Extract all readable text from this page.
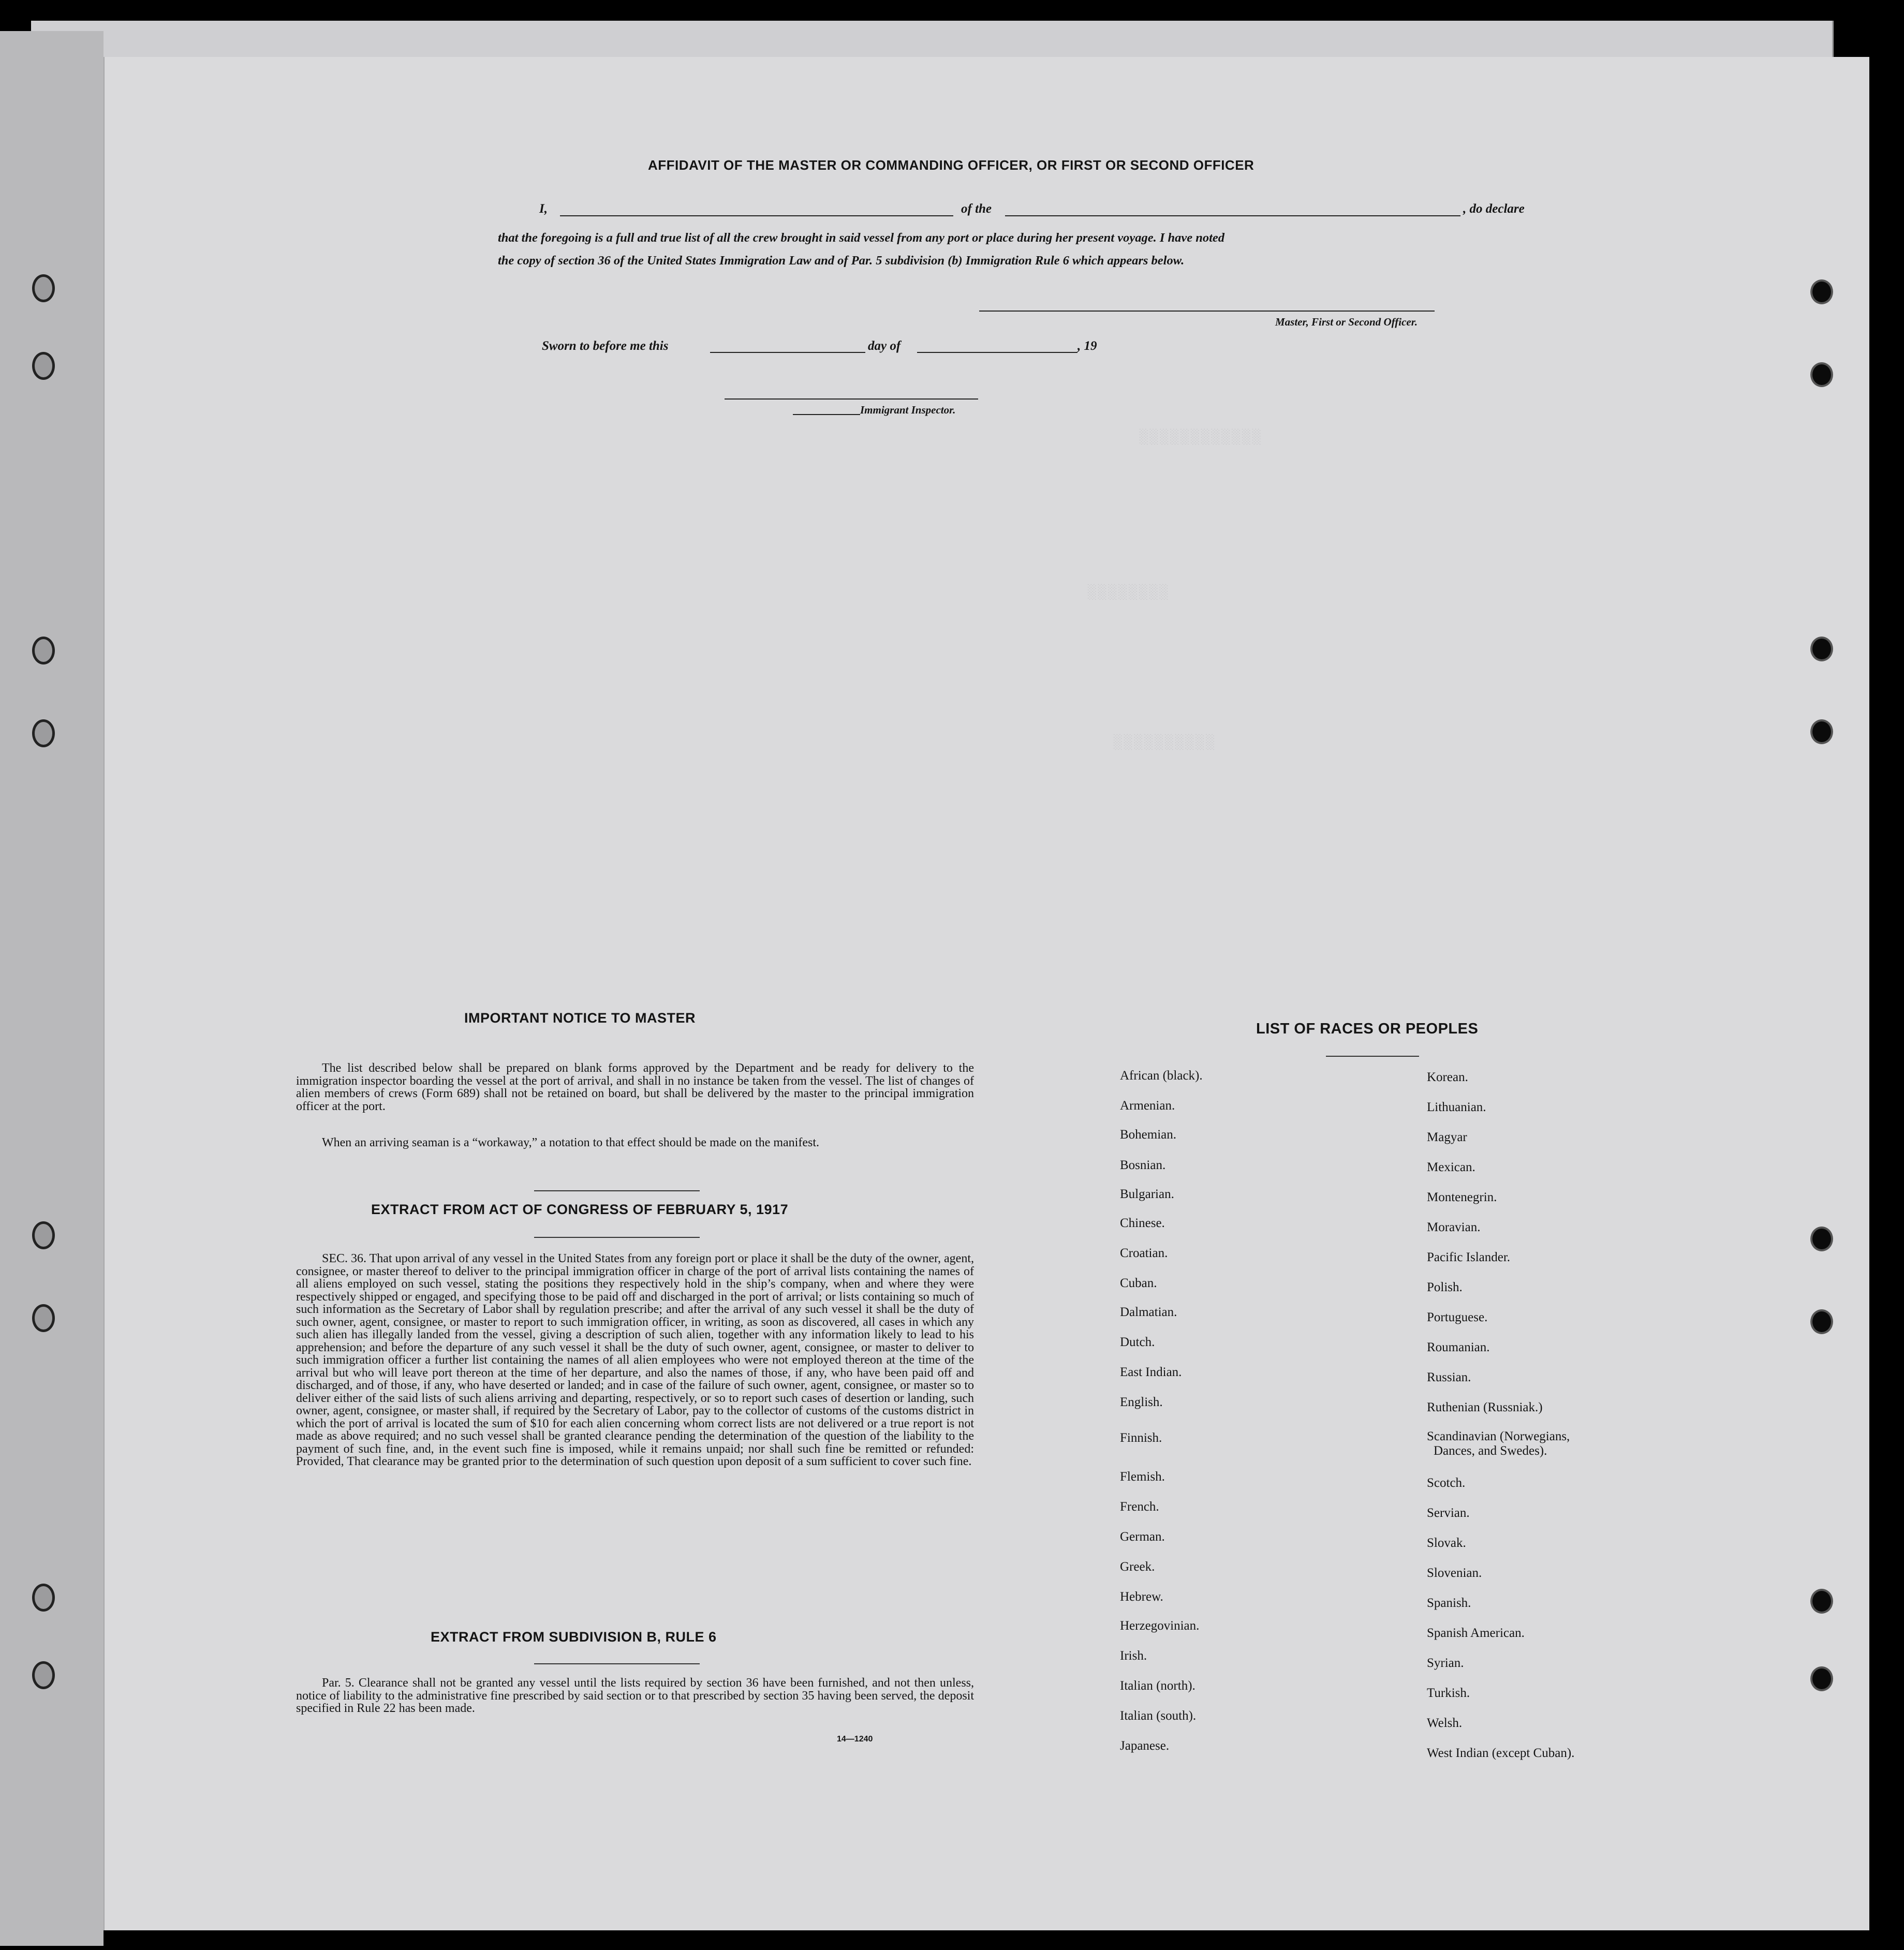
░░░░░░░░░░░░
░░░░░░░░
░░░░░░░░░░
AFFIDAVIT OF THE MASTER OR COMMANDING OFFICER, OR FIRST OR SECOND OFFICER
I,	of the	, do declare
that the foregoing is a full and true list of all the crew brought in said vessel from any port or place during her present voyage. I have noted
the copy of section 36 of the United States Immigration Law and of Par. 5 subdivision (b) Immigration Rule 6 which appears below.
Master, First or Second Officer.
Sworn to before me this	day of	, 19
Immigrant Inspector.
IMPORTANT NOTICE TO MASTER
The list described below shall be prepared on blank forms approved by the Department and be ready for delivery to the immigration inspector boarding the vessel at the port of arrival, and shall in no instance be taken from the vessel. The list of changes of alien members of crews (Form 689) shall not be retained on board, but shall be delivered by the master to the principal immigration officer at the port.
When an arriving seaman is a “workaway,” a notation to that effect should be made on the manifest.
EXTRACT FROM ACT OF CONGRESS OF FEBRUARY 5, 1917
SEC. 36. That upon arrival of any vessel in the United States from any foreign port or place it shall be the duty of the owner, agent, consignee, or master thereof to deliver to the principal immigration officer in charge of the port of arrival lists containing the names of all aliens employed on such vessel, stating the positions they respectively hold in the ship’s company, when and where they were respectively shipped or engaged, and specifying those to be paid off and discharged in the port of arrival; or lists containing so much of such information as the Secretary of Labor shall by regulation prescribe; and after the arrival of any such vessel it shall be the duty of such owner, agent, consignee, or master to report to such immigration officer, in writing, as soon as discovered, all cases in which any such alien has illegally landed from the vessel, giving a description of such alien, together with any information likely to lead to his apprehension; and before the departure of any such vessel it shall be the duty of such owner, agent, consignee, or master to deliver to such immigration officer a further list containing the names of all alien employees who were not employed thereon at the time of the arrival but who will leave port thereon at the time of her departure, and also the names of those, if any, who have been paid off and discharged, and of those, if any, who have deserted or landed; and in case of the failure of such owner, agent, consignee, or master so to deliver either of the said lists of such aliens arriving and departing, respectively, or so to report such cases of desertion or landing, such owner, agent, consignee, or master shall, if required by the Secretary of Labor, pay to the collector of customs of the customs district in which the port of arrival is located the sum of $10 for each alien concerning whom correct lists are not delivered or a true report is not made as above required; and no such vessel shall be granted clearance pending the determination of the question of the liability to the payment of such fine, and, in the event such fine is imposed, while it remains unpaid; nor shall such fine be remitted or refunded: Provided, That clearance may be granted prior to the determination of such question upon deposit of a sum sufficient to cover such fine.
EXTRACT FROM SUBDIVISION B, RULE 6
Par. 5. Clearance shall not be granted any vessel until the lists required by section 36 have been furnished, and not then unless, notice of liability to the administrative fine prescribed by said section or to that prescribed by section 35 having been served, the deposit specified in Rule 22 has been made.
14—1240
LIST OF RACES OR PEOPLES
African (black).
Armenian.
Bohemian.
Bosnian.
Bulgarian.
Chinese.
Croatian.
Cuban.
Dalmatian.
Dutch.
East Indian.
English.
Finnish.
Flemish.
French.
German.
Greek.
Hebrew.
Herzegovinian.
Irish.
Italian (north).
Italian (south).
Japanese.
Korean.
Lithuanian.
Magyar
Mexican.
Montenegrin.
Moravian.
Pacific Islander.
Polish.
Portuguese.
Roumanian.
Russian.
Ruthenian (Russniak.)
Scandinavian (Norwegians,
Dances, and Swedes).
Scotch.
Servian.
Slovak.
Slovenian.
Spanish.
Spanish American.
Syrian.
Turkish.
Welsh.
West Indian (except Cuban).
